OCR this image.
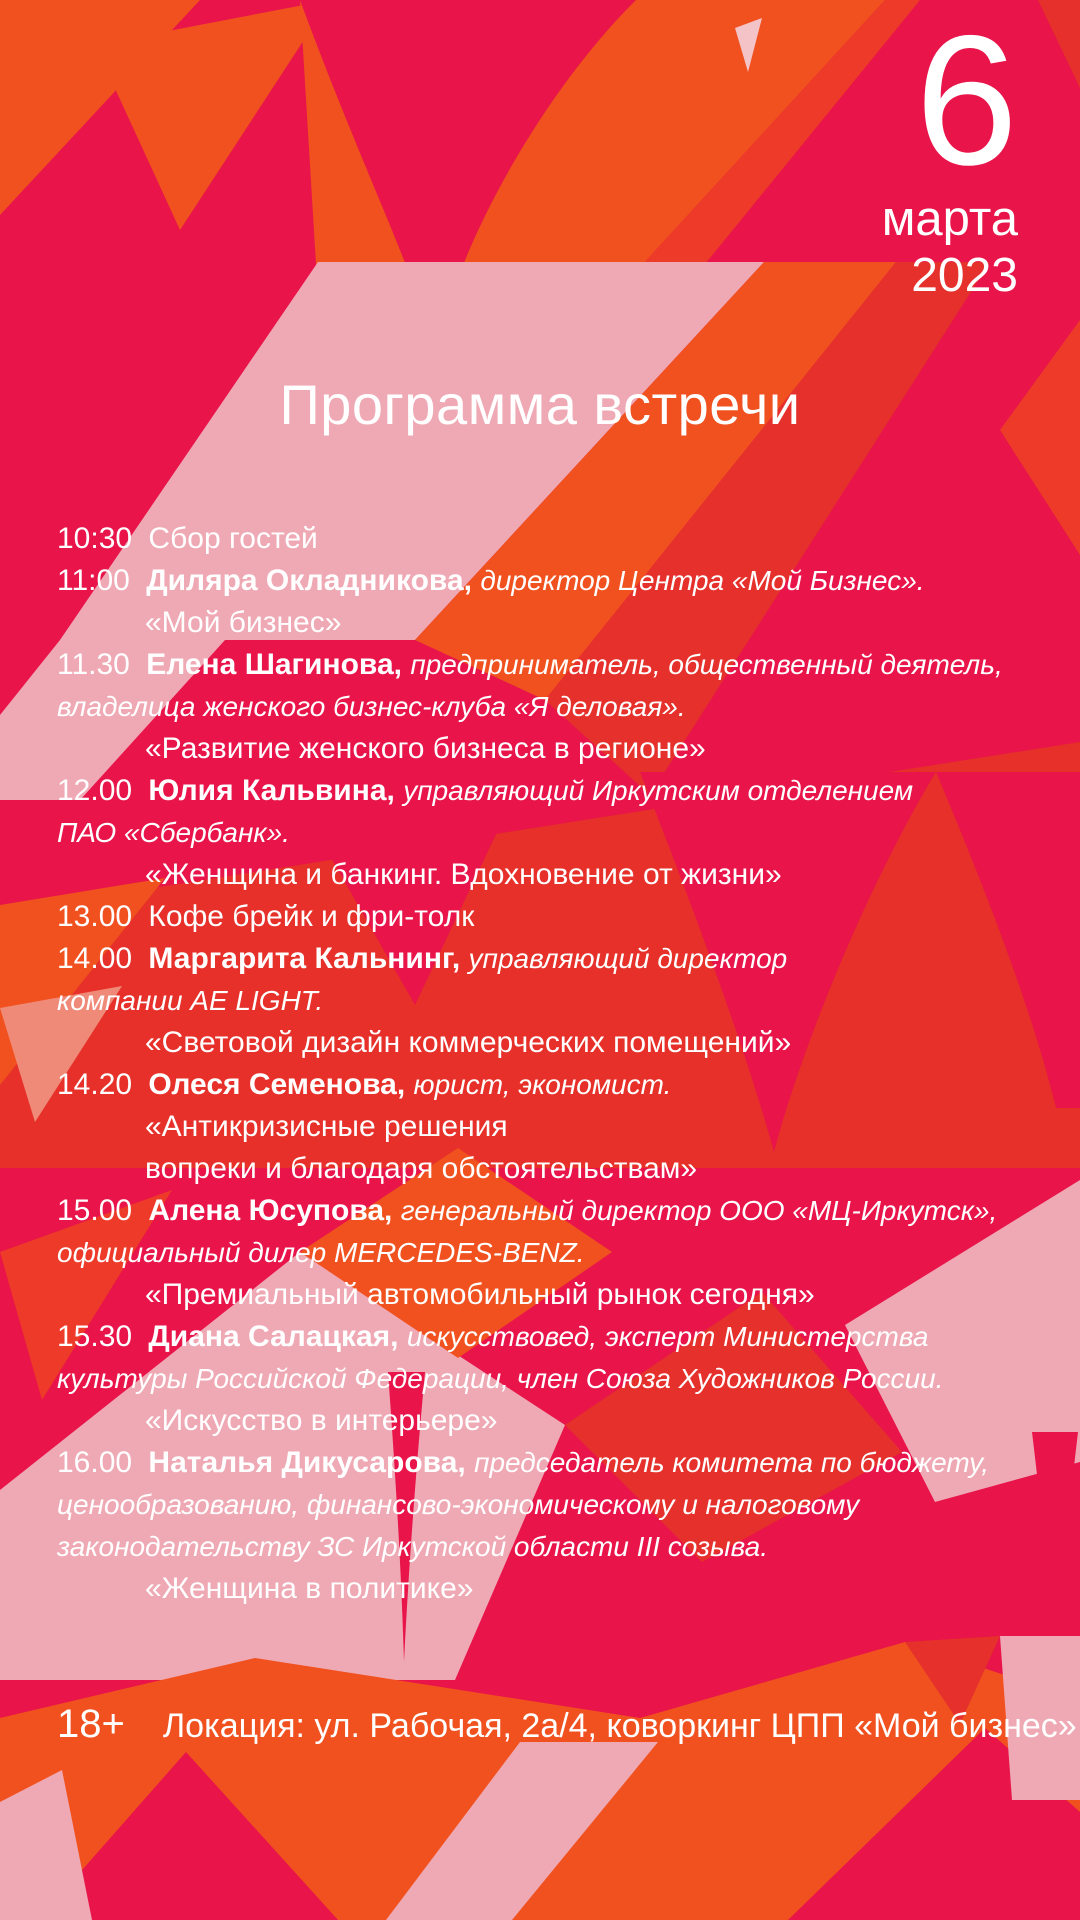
6
марта
2023
Программа встречи
10:30 Сбор гостей
11:00 Диляра Окладникова, директор Центра «Мой Бизнес».
«Мой бизнес»
11.30 Елена Шагинова, предприниматель, общественный деятель,
владелица женского бизнес-клуба «Я деловая».
«Развитие женского бизнеса в регионе»
12.00 Юлия Кальвина, управляющий Иркутским отделением
ПАО «Сбербанк».
«Женщина и банкинг. Вдохновение от жизни»
13.00 Кофе брейк и фри-толк
14.00 Маргарита Кальнинг, управляющий директор
компании AE LIGHT.
«Световой дизайн коммерческих помещений»
14.20 Олеся Семенова, юрист, экономист.
«Антикризисные решения
вопреки и благодаря обстоятельствам»
15.00 Алена Юсупова, генеральный директор ООО «МЦ-Иркутск»,
официальный дилер MERCEDES-BENZ.
«Премиальный автомобильный рынок сегодня»
15.30 Диана Салацкая, искусствовед, эксперт Министерства
культуры Российской Федерации, член Союза Художников России.
«Искусство в интерьере»
16.00 Наталья Дикусарова, председатель комитета по бюджету,
ценообразованию, финансово-экономическому и налоговому
законодательству ЗС Иркутской области III созыва.
«Женщина в политике»
18+ Локация: ул. Рабочая, 2а/4, коворкинг ЦПП «Мой бизнес»
